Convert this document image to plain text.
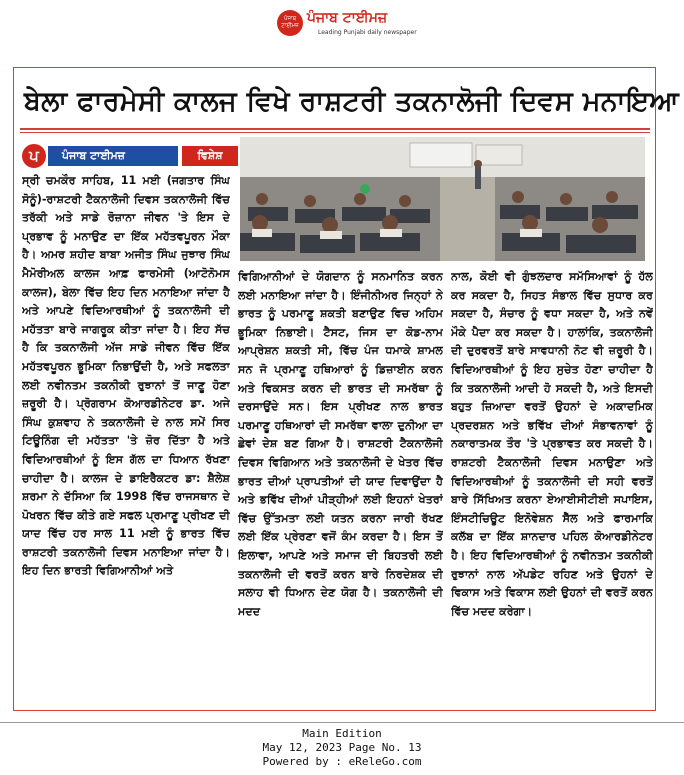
ਪੰਜਾਬ ਟਾਈਮਜ਼ ਪੰਜਾਬ ਟਾਈਮਜ਼
Leading Punjabi daily newspaper
ਬੇਲਾ ਫਾਰਮੇਸੀ ਕਾਲਜ ਵਿਖੇ ਰਾਸ਼ਟਰੀ ਤਕਨਾਲੋਜੀ ਦਿਵਸ ਮਨਾਇਆ
ਪ	ਪੰਜਾਬ ਟਾਈਮਜ਼	ਵਿਸ਼ੇਸ਼
ਸ੍ਰੀ ਚਮਕੌਰ ਸਾਹਿਬ, 11 ਮਈ (ਜਗਤਾਰ ਸਿੰਘ ਸੋਨੂੰ)-ਰਾਸ਼ਟਰੀ ਟੈਕਨਾਲੋਜੀ ਦਿਵਸ ਤਕਨਾਲੋਜੀ ਵਿੱਚ ਤਰੱਕੀ ਅਤੇ ਸਾਡੇ ਰੋਜ਼ਾਨਾ ਜੀਵਨ 'ਤੇ ਇਸ ਦੇ ਪ੍ਰਭਾਵ ਨੂੰ ਮਨਾਉਣ ਦਾ ਇੱਕ ਮਹੱਤਵਪੂਰਨ ਮੌਕਾ ਹੈ। ਅਮਰ ਸ਼ਹੀਦ ਬਾਬਾ ਅਜੀਤ ਸਿੰਘ ਜੁਝਾਰ ਸਿੰਘ ਮੈਮੋਰੀਅਲ ਕਾਲਜ ਆਫ਼ ਫਾਰਮੇਸੀ (ਆਟੋਨੋਮਸ ਕਾਲਜ), ਬੇਲਾ ਵਿੱਚ ਇਹ ਦਿਨ ਮਨਾਇਆ ਜਾਂਦਾ ਹੈ ਅਤੇ ਆਪਣੇ ਵਿਦਿਆਰਥੀਆਂ ਨੂੰ ਤਕਨਾਲੋਜੀ ਦੀ ਮਹੱਤਤਾ ਬਾਰੇ ਜਾਗਰੂਕ ਕੀਤਾ ਜਾਂਦਾ ਹੈ। ਇਹ ਸੱਚ ਹੈ ਕਿ ਤਕਨਾਲੋਜੀ ਅੱਜ ਸਾਡੇ ਜੀਵਨ ਵਿੱਚ ਇੱਕ ਮਹੱਤਵਪੂਰਨ ਭੂਮਿਕਾ ਨਿਭਾਉਂਦੀ ਹੈ, ਅਤੇ ਸਫਲਤਾ ਲਈ ਨਵੀਨਤਮ ਤਕਨੀਕੀ ਰੁਝਾਨਾਂ ਤੋਂ ਜਾਣੂ ਹੋਣਾ ਜ਼ਰੂਰੀ ਹੈ। ਪ੍ਰੋਗਰਾਮ ਕੋਆਰਡੀਨੇਟਰ ਡਾ. ਅਜੇ ਸਿੰਘ ਕੁਸ਼ਵਾਹ ਨੇ ਤਕਨਾਲੋਜੀ ਦੇ ਨਾਲ ਸਮੇਂ ਸਿਰ ਟਿਊਨਿੰਗ ਦੀ ਮਹੱਤਤਾ 'ਤੇ ਜ਼ੋਰ ਦਿੱਤਾ ਹੈ ਅਤੇ ਵਿਦਿਆਰਥੀਆਂ ਨੂੰ ਇਸ ਗੱਲ ਦਾ ਧਿਆਨ ਰੱਖਣਾ ਚਾਹੀਦਾ ਹੈ। ਕਾਲਜ ਦੇ ਡਾਇਰੈਕਟਰ ਡਾ: ਸ਼ੈਲੇਸ਼ ਸ਼ਰਮਾ ਨੇ ਦੱਸਿਆ ਕਿ 1998 ਵਿੱਚ ਰਾਜਸਥਾਨ ਦੇ ਪੋਖਰਨ ਵਿੱਚ ਕੀਤੇ ਗਏ ਸਫਲ ਪ੍ਰਮਾਣੂ ਪ੍ਰੀਖਣ ਦੀ ਯਾਦ ਵਿੱਚ ਹਰ ਸਾਲ 11 ਮਈ ਨੂੰ ਭਾਰਤ ਵਿੱਚ ਰਾਸ਼ਟਰੀ ਤਕਨਾਲੋਜੀ ਦਿਵਸ ਮਨਾਇਆ ਜਾਂਦਾ ਹੈ। ਇਹ ਦਿਨ ਭਾਰਤੀ ਵਿਗਿਆਨੀਆਂ ਅਤੇ
ਵਿਗਿਆਨੀਆਂ ਦੇ ਯੋਗਦਾਨ ਨੂੰ ਸਨਮਾਨਿਤ ਕਰਨ ਲਈ ਮਨਾਇਆ ਜਾਂਦਾ ਹੈ। ਇੰਜੀਨੀਅਰ ਜਿਨ੍ਹਾਂ ਨੇ ਭਾਰਤ ਨੂੰ ਪਰਮਾਣੂ ਸ਼ਕਤੀ ਬਣਾਉਣ ਵਿਚ ਅਹਿਮ ਭੂਮਿਕਾ ਨਿਭਾਈ। ਟੈਸਟ, ਜਿਸ ਦਾ ਕੋਡ-ਨਾਮ ਆਪ੍ਰੇਸ਼ਨ ਸ਼ਕਤੀ ਸੀ, ਵਿੱਚ ਪੰਜ ਧਮਾਕੇ ਸ਼ਾਮਲ ਸਨ ਜੋ ਪ੍ਰਮਾਣੂ ਹਥਿਆਰਾਂ ਨੂੰ ਡਿਜ਼ਾਈਨ ਕਰਨ ਅਤੇ ਵਿਕਸਤ ਕਰਨ ਦੀ ਭਾਰਤ ਦੀ ਸਮਰੱਥਾ ਨੂੰ ਦਰਸਾਉਂਦੇ ਸਨ। ਇਸ ਪ੍ਰੀਖਣ ਨਾਲ ਭਾਰਤ ਪਰਮਾਣੂ ਹਥਿਆਰਾਂ ਦੀ ਸਮਰੱਥਾ ਵਾਲਾ ਦੁਨੀਆ ਦਾ ਛੇਵਾਂ ਦੇਸ਼ ਬਣ ਗਿਆ ਹੈ। ਰਾਸ਼ਟਰੀ ਟੈਕਨਾਲੋਜੀ ਦਿਵਸ ਵਿਗਿਆਨ ਅਤੇ ਤਕਨਾਲੋਜੀ ਦੇ ਖੇਤਰ ਵਿੱਚ ਭਾਰਤ ਦੀਆਂ ਪ੍ਰਾਪਤੀਆਂ ਦੀ ਯਾਦ ਦਿਵਾਉਂਦਾ ਹੈ ਅਤੇ ਭਵਿੱਖ ਦੀਆਂ ਪੀੜ੍ਹੀਆਂ ਲਈ ਇਹਨਾਂ ਖੇਤਰਾਂ ਵਿੱਚ ਉੱਤਮਤਾ ਲਈ ਯਤਨ ਕਰਨਾ ਜਾਰੀ ਰੱਖਣ ਲਈ ਇੱਕ ਪ੍ਰੇਰਣਾ ਵਜੋਂ ਕੰਮ ਕਰਦਾ ਹੈ। ਇਸ ਤੋਂ ਇਲਾਵਾ, ਆਪਣੇ ਅਤੇ ਸਮਾਜ ਦੀ ਬਿਹਤਰੀ ਲਈ ਤਕਨਾਲੋਜੀ ਦੀ ਵਰਤੋਂ ਕਰਨ ਬਾਰੇ ਨਿਰਦੇਸ਼ਕ ਦੀ ਸਲਾਹ ਵੀ ਧਿਆਨ ਦੇਣ ਯੋਗ ਹੈ। ਤਕਨਾਲੋਜੀ ਦੀ ਮਦਦ
ਨਾਲ, ਕੋਈ ਵੀ ਗੁੰਝਲਦਾਰ ਸਮੱਸਿਆਵਾਂ ਨੂੰ ਹੱਲ ਕਰ ਸਕਦਾ ਹੈ, ਸਿਹਤ ਸੰਭਾਲ ਵਿੱਚ ਸੁਧਾਰ ਕਰ ਸਕਦਾ ਹੈ, ਸੰਚਾਰ ਨੂੰ ਵਧਾ ਸਕਦਾ ਹੈ, ਅਤੇ ਨਵੇਂ ਮੌਕੇ ਪੈਦਾ ਕਰ ਸਕਦਾ ਹੈ। ਹਾਲਾਂਕਿ, ਤਕਨਾਲੋਜੀ ਦੀ ਦੁਰਵਰਤੋਂ ਬਾਰੇ ਸਾਵਧਾਨੀ ਨੋਟ ਵੀ ਜ਼ਰੂਰੀ ਹੈ। ਵਿਦਿਆਰਥੀਆਂ ਨੂੰ ਇਹ ਸੁਚੇਤ ਹੋਣਾ ਚਾਹੀਦਾ ਹੈ ਕਿ ਤਕਨਾਲੋਜੀ ਆਦੀ ਹੋ ਸਕਦੀ ਹੈ, ਅਤੇ ਇਸਦੀ ਬਹੁਤ ਜ਼ਿਆਦਾ ਵਰਤੋਂ ਉਹਨਾਂ ਦੇ ਅਕਾਦਮਿਕ ਪ੍ਰਦਰਸ਼ਨ ਅਤੇ ਭਵਿੱਖ ਦੀਆਂ ਸੰਭਾਵਨਾਵਾਂ ਨੂੰ ਨਕਾਰਾਤਮਕ ਤੌਰ 'ਤੇ ਪ੍ਰਭਾਵਤ ਕਰ ਸਕਦੀ ਹੈ। ਰਾਸ਼ਟਰੀ ਟੈਕਨਾਲੋਜੀ ਦਿਵਸ ਮਨਾਉਣਾ ਅਤੇ ਵਿਦਿਆਰਥੀਆਂ ਨੂੰ ਤਕਨਾਲੋਜੀ ਦੀ ਸਹੀ ਵਰਤੋਂ ਬਾਰੇ ਸਿੱਖਿਅਤ ਕਰਨਾ ਏਆਈਸੀਟੀਈ ਸਪਾਇਸ, ਇੰਸਟੀਚਿਊਟ ਇਨੋਵੇਸ਼ਨ ਸੈੱਲ ਅਤੇ ਫਾਰਮਾਕਿ ਕਲੱਬ ਦਾ ਇੱਕ ਸ਼ਾਨਦਾਰ ਪਹਿਲ ਕੋਆਰਡੀਨੇਟਰ ਹੈ। ਇਹ ਵਿਦਿਆਰਥੀਆਂ ਨੂੰ ਨਵੀਨਤਮ ਤਕਨੀਕੀ ਰੁਝਾਨਾਂ ਨਾਲ ਅੱਪਡੇਟ ਰਹਿਣ ਅਤੇ ਉਹਨਾਂ ਦੇ ਵਿਕਾਸ ਅਤੇ ਵਿਕਾਸ ਲਈ ਉਹਨਾਂ ਦੀ ਵਰਤੋਂ ਕਰਨ ਵਿੱਚ ਮਦਦ ਕਰੇਗਾ।
Main Edition
May 12, 2023 Page No. 13
Powered by : eReleGo.com
